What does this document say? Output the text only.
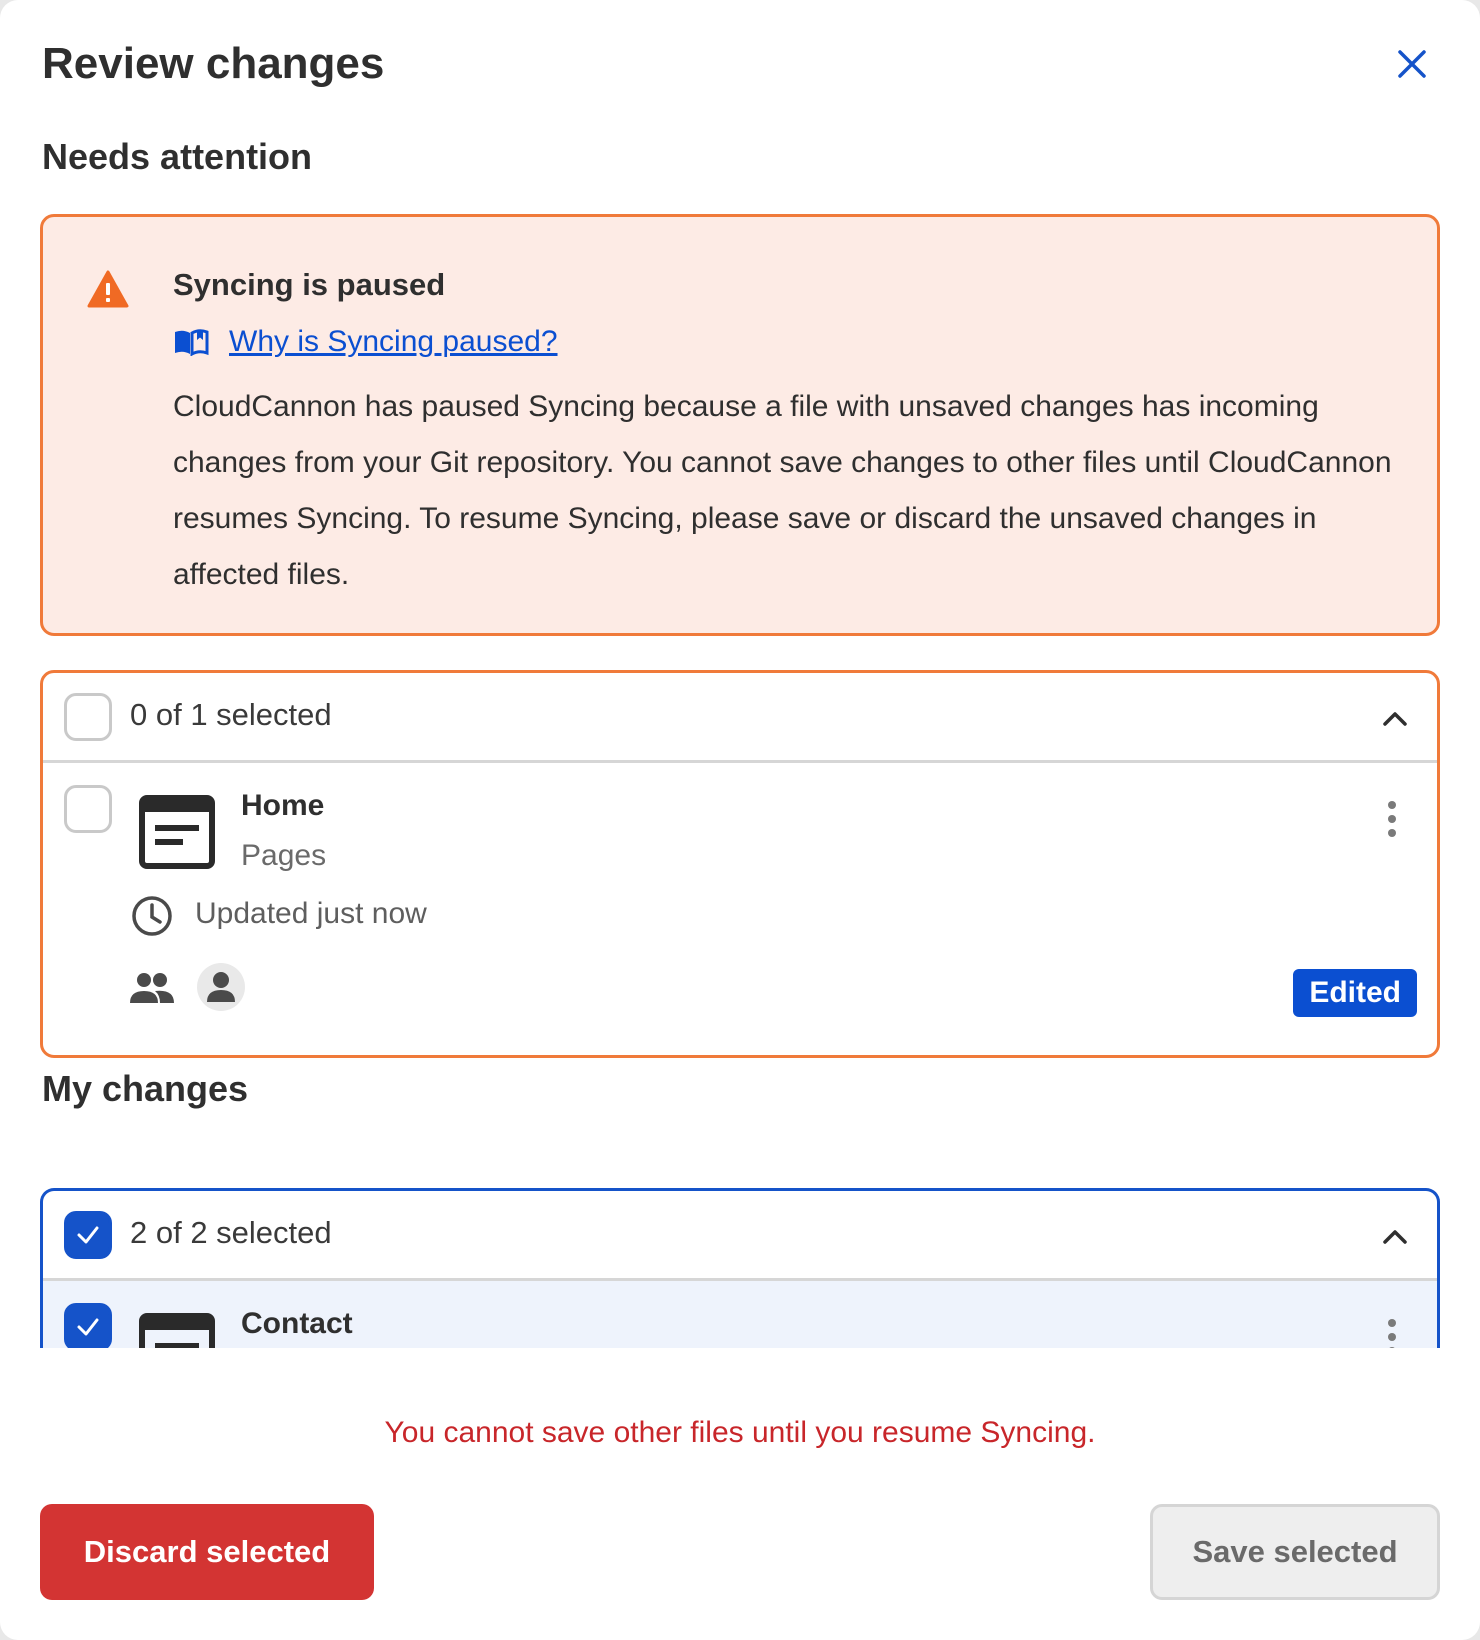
Review changes
Needs attention
Syncing is paused
Why is Syncing paused?
CloudCannon has paused Syncing because a file with unsaved changes has incoming changes from your Git repository. You cannot save changes to other files until CloudCannon resumes Syncing. To resume Syncing, please save or discard the unsaved changes in affected files.
0 of 1 selected
Home
Pages
Updated just now
Edited
My changes
2 of 2 selected
Contact
You cannot save other files until you resume Syncing.
Discard selected	Save selected
